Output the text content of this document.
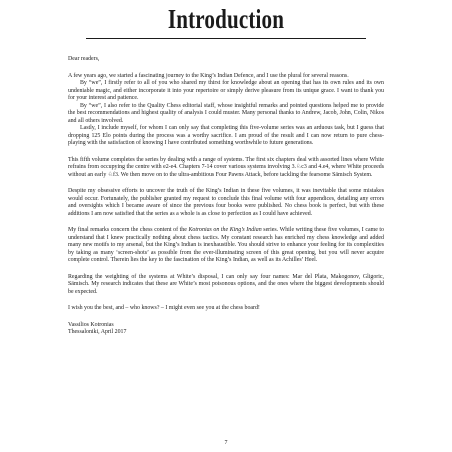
Introduction

Dear readers,

A few years ago, we started a fascinating journey to the King’s Indian Defence, and I use the plural for several reasons.

By “we”, I firstly refer to all of you who shared my thirst for knowledge about an opening that has its own rules and its own undeniable magic, and either incorporate it into your repertoire or simply derive pleasure from its unique grace. I want to thank you for your interest and patience.

By “we”, I also refer to the Quality Chess editorial staff, whose insightful remarks and pointed questions helped me to provide the best recommendations and highest quality of analysis I could muster. Many personal thanks to Andrew, Jacob, John, Colin, Nikos and all others involved.

Lastly, I include myself, for whom I can only say that completing this five-volume series was an arduous task, but I guess that dropping 125 Elo points during the process was a worthy sacrifice. I am proud of the result and I can now return to pure chess-playing with the satisfaction of knowing I have contributed something worthwhile to future generations.

This fifth volume completes the series by dealing with a range of systems. The first six chapters deal with assorted lines where White refrains from occupying the centre with e2-e4. Chapters 7-14 cover various systems involving 3.♘c3 and 4.e4, where White proceeds without an early ♘f3. We then move on to the ultra-ambitious Four Pawns Attack, before tackling the fearsome Sämisch System.

Despite my obsessive efforts to uncover the truth of the King’s Indian in these five volumes, it was inevitable that some mistakes would occur. Fortunately, the publisher granted my request to conclude this final volume with four appendices, detailing any errors and oversights which I became aware of since the previous four books were published. No chess book is perfect, but with these additions I am now satisfied that the series as a whole is as close to perfection as I could have achieved.

My final remarks concern the chess content of the Kotronias on the King’s Indian series. While writing these five volumes, I came to understand that I knew practically nothing about chess tactics. My constant research has enriched my chess knowledge and added many new motifs to my arsenal, but the King’s Indian is inexhaustible. You should strive to enhance your feeling for its complexities by taking as many ‘screen-shots’ as possible from the ever-illuminating screen of this great opening, but you will never acquire complete control. Therein lies the key to the fascination of the King’s Indian, as well as its Achilles’ Heel.

Regarding the weighting of the systems at White’s disposal, I can only say four names: Mar del Plata, Makogonov, Gligoric, Sämisch. My research indicates that these are White’s most poisonous options, and the ones where the biggest developments should be expected.

I wish you the best, and – who knows? – I might even see you at the chess board!

Vassilios Kotronias
Thessaloniki, April 2017

7
